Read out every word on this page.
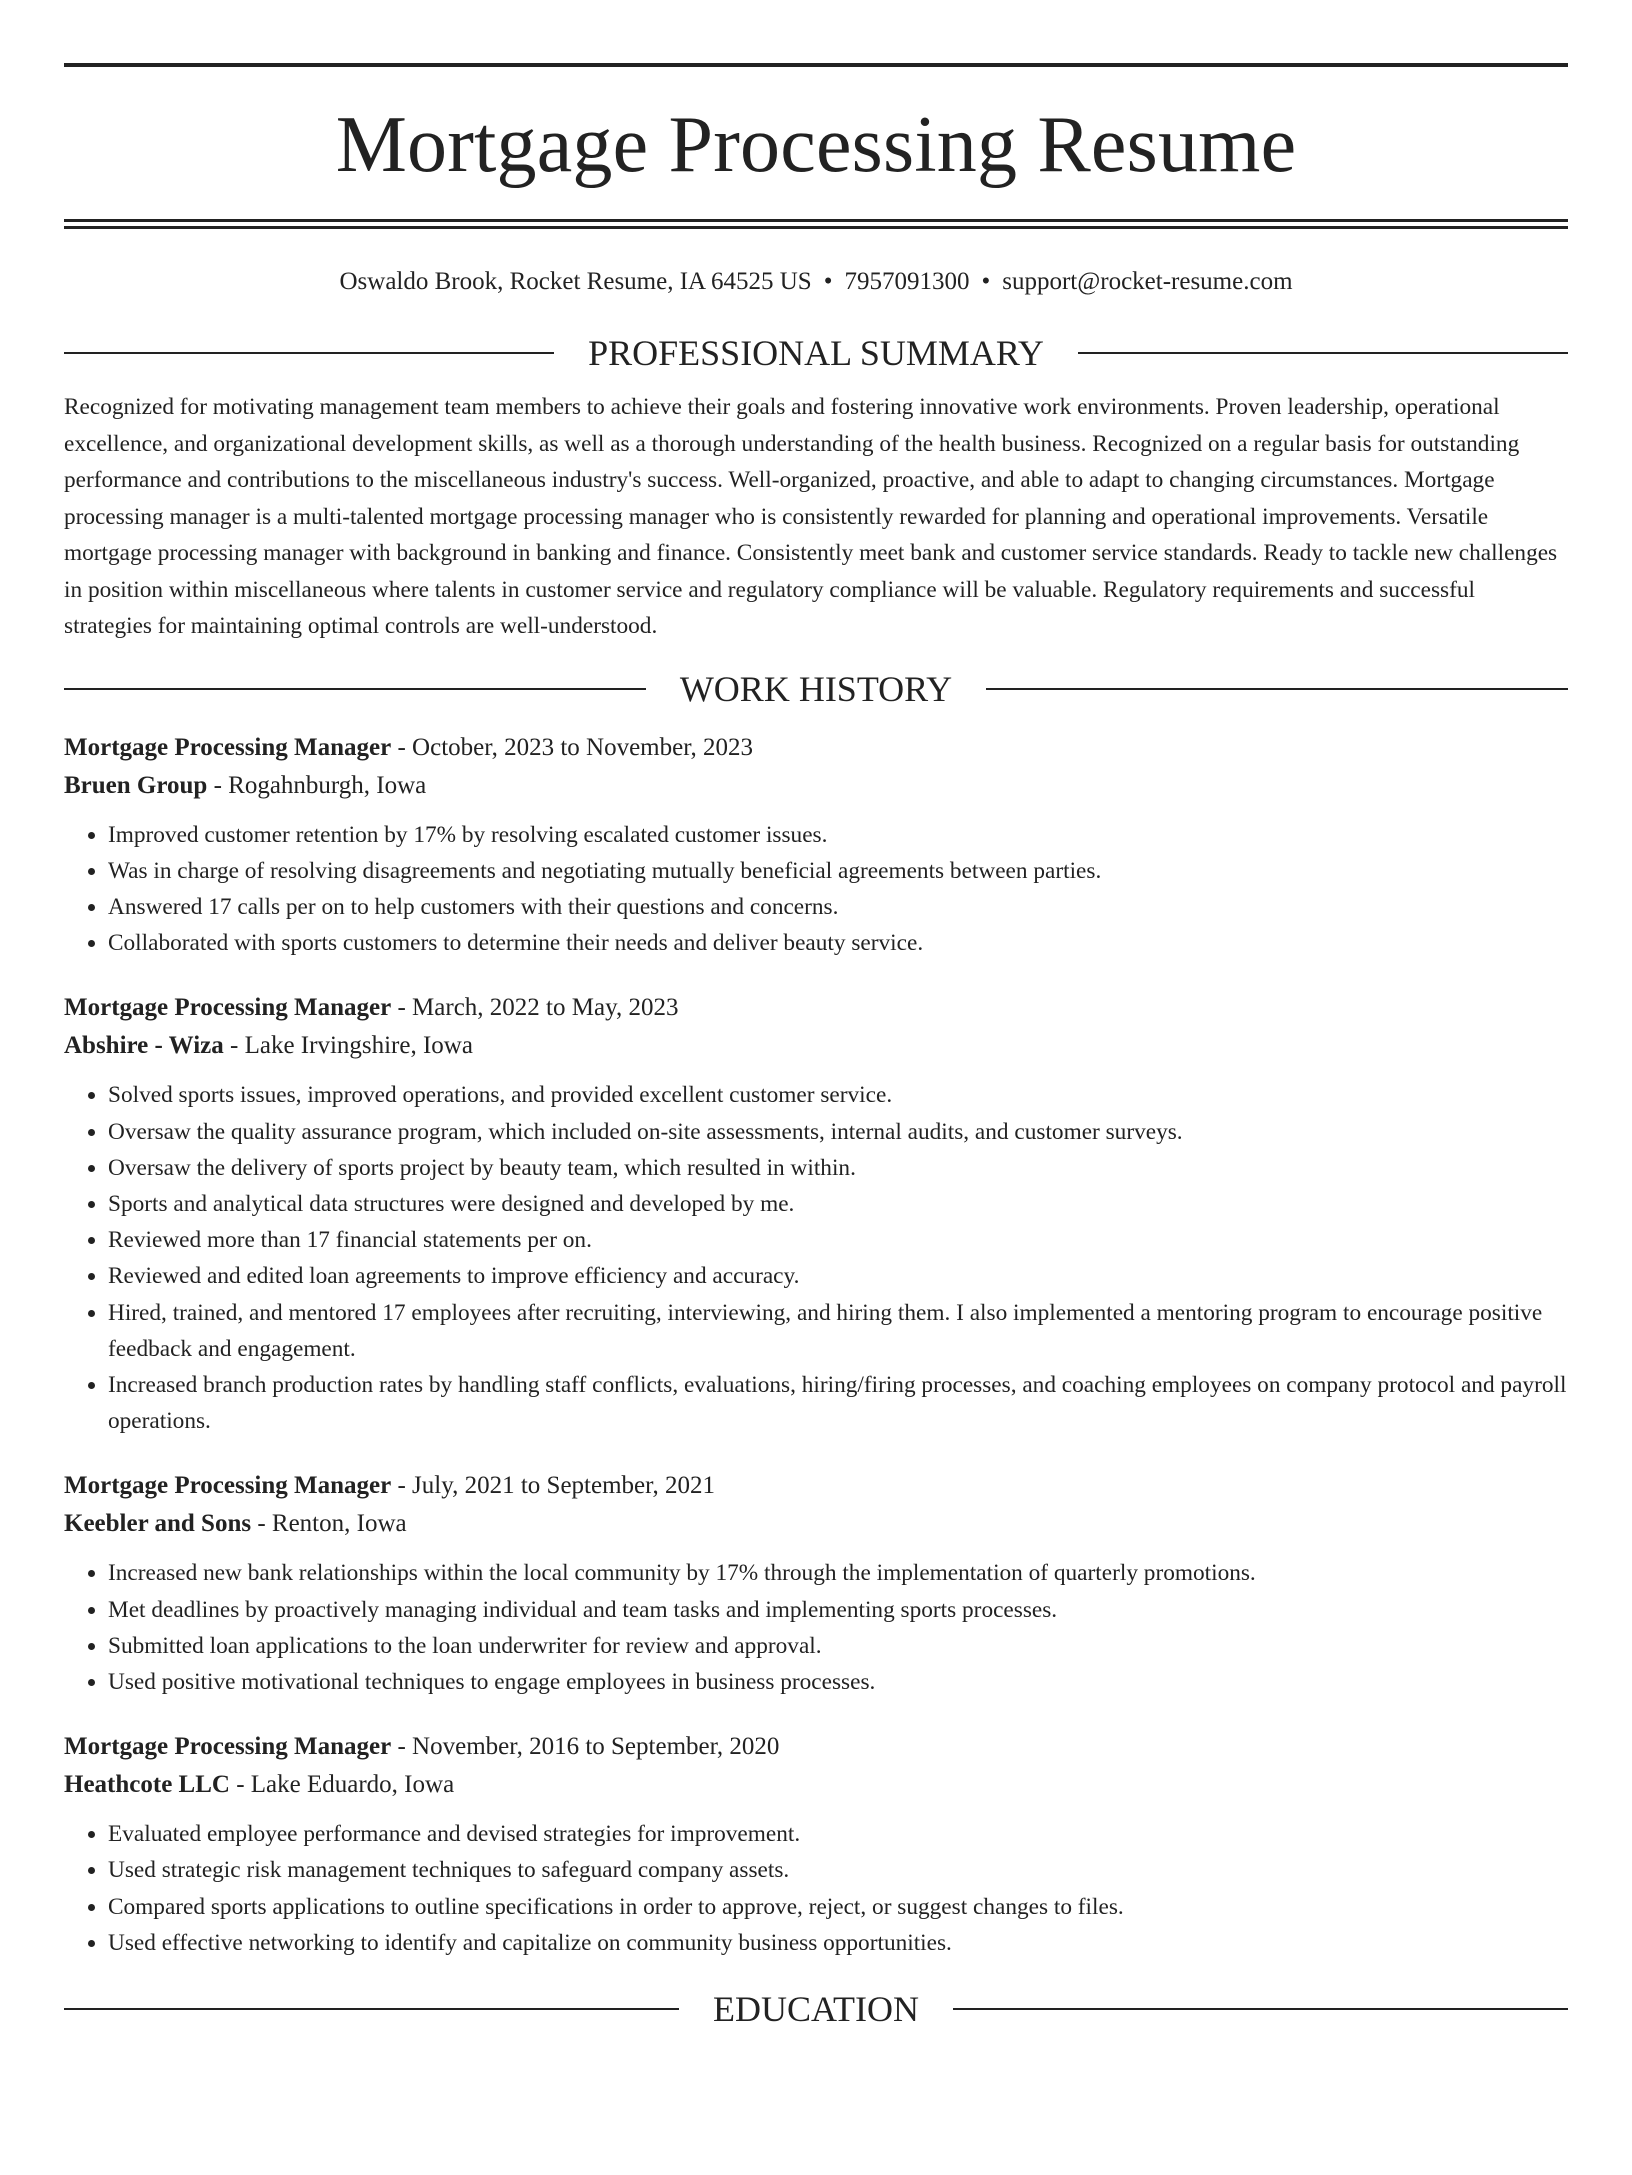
Mortgage Processing Resume
Oswaldo Brook, Rocket Resume, IA 64525 US • 7957091300 • support@rocket-resume.com
PROFESSIONAL SUMMARY

Recognized for motivating management team members to achieve their goals and fostering innovative work environments. Proven leadership, operational excellence, and organizational development skills, as well as a thorough understanding of the health business. Recognized on a regular basis for outstanding performance and contributions to the miscellaneous industry's success. Well-organized, proactive, and able to adapt to changing circumstances. Mortgage processing manager is a multi-talented mortgage processing manager who is consistently rewarded for planning and operational improvements. Versatile mortgage processing manager with background in banking and finance. Consistently meet bank and customer service standards. Ready to tackle new challenges in position within miscellaneous where talents in customer service and regulatory compliance will be valuable. Regulatory requirements and successful strategies for maintaining optimal controls are well-understood.

WORK HISTORY
Mortgage Processing Manager - October, 2023 to November, 2023
Bruen Group - Rogahnburgh, Iowa
• Improved customer retention by 17% by resolving escalated customer issues.
• Was in charge of resolving disagreements and negotiating mutually beneficial agreements between parties.
• Answered 17 calls per on to help customers with their questions and concerns.
• Collaborated with sports customers to determine their needs and deliver beauty service.
Mortgage Processing Manager - March, 2022 to May, 2023
Abshire - Wiza - Lake Irvingshire, Iowa
• Solved sports issues, improved operations, and provided excellent customer service.
• Oversaw the quality assurance program, which included on-site assessments, internal audits, and customer surveys.
• Oversaw the delivery of sports project by beauty team, which resulted in within.
• Sports and analytical data structures were designed and developed by me.
• Reviewed more than 17 financial statements per on.
• Reviewed and edited loan agreements to improve efficiency and accuracy.
• Hired, trained, and mentored 17 employees after recruiting, interviewing, and hiring them. I also implemented a mentoring program to encourage positive feedback and engagement.
• Increased branch production rates by handling staff conflicts, evaluations, hiring/firing processes, and coaching employees on company protocol and payroll operations.
Mortgage Processing Manager - July, 2021 to September, 2021
Keebler and Sons - Renton, Iowa
• Increased new bank relationships within the local community by 17% through the implementation of quarterly promotions.
• Met deadlines by proactively managing individual and team tasks and implementing sports processes.
• Submitted loan applications to the loan underwriter for review and approval.
• Used positive motivational techniques to engage employees in business processes.
Mortgage Processing Manager - November, 2016 to September, 2020
Heathcote LLC - Lake Eduardo, Iowa
• Evaluated employee performance and devised strategies for improvement.
• Used strategic risk management techniques to safeguard company assets.
• Compared sports applications to outline specifications in order to approve, reject, or suggest changes to files.
• Used effective networking to identify and capitalize on community business opportunities.
EDUCATION
